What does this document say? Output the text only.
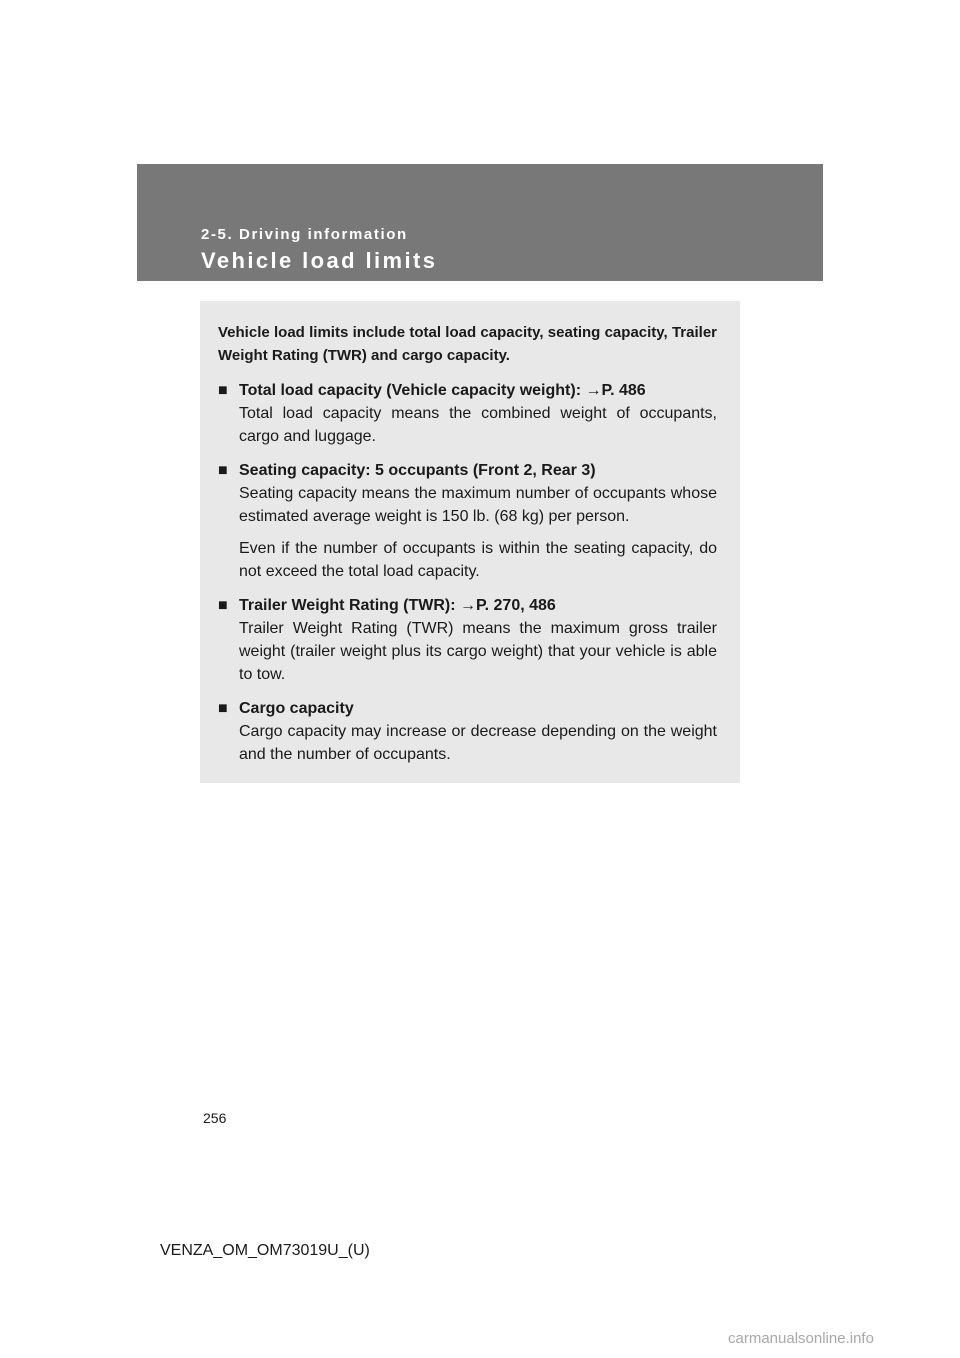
2-5. Driving information
Vehicle load limits

Vehicle load limits include total load capacity, seating capacity, Trailer Weight Rating (TWR) and cargo capacity.

■ Total load capacity (Vehicle capacity weight): →P. 486

Total load capacity means the combined weight of occupants, cargo and luggage.

■ Seating capacity: 5 occupants (Front 2, Rear 3)

Seating capacity means the maximum number of occupants whose estimated average weight is 150 lb. (68 kg) per person.

Even if the number of occupants is within the seating capacity, do not exceed the total load capacity.

■ Trailer Weight Rating (TWR): →P. 270, 486

Trailer Weight Rating (TWR) means the maximum gross trailer weight (trailer weight plus its cargo weight) that your vehicle is able to tow.

■ Cargo capacity

Cargo capacity may increase or decrease depending on the weight and the number of occupants.

256
VENZA_OM_OM73019U_(U)
carmanualsonline.info
